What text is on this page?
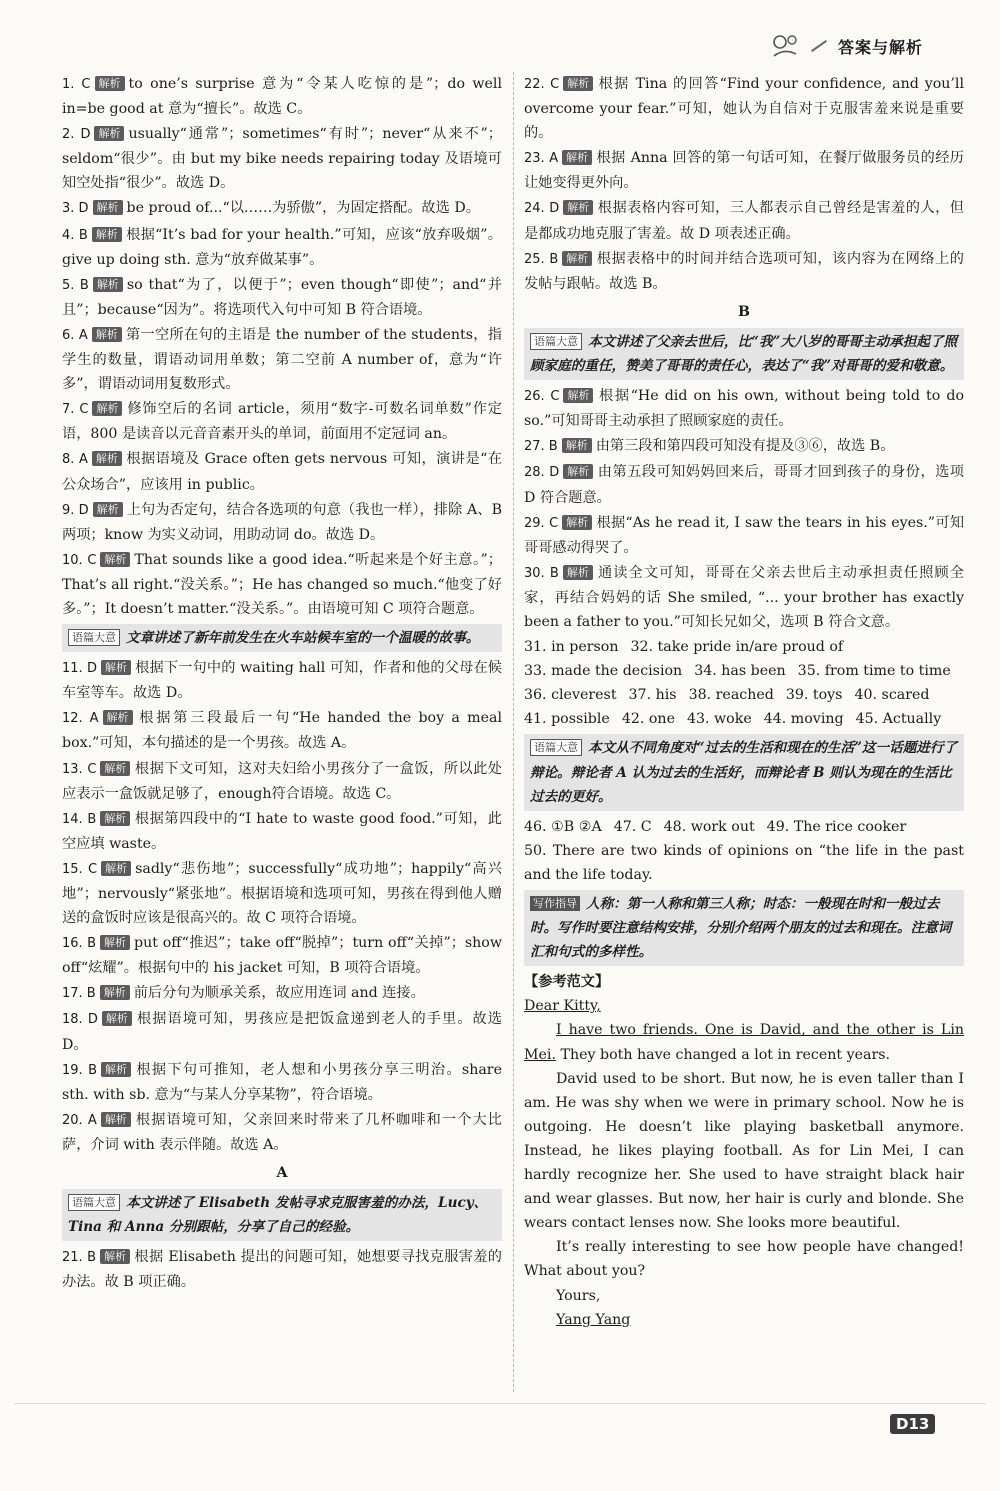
答案与解析
1. C 解析 to one’s surprise 意为“令某人吃惊的是”；do well in=be good at 意为“擅长”。故选 C。
2. D 解析 usually“通常”；sometimes“有时”；never“从来不”；seldom“很少”。由 but my bike needs repairing today 及语境可知空处指“很少”。故选 D。
3. D 解析 be proud of...“以……为骄傲”，为固定搭配。故选 D。
4. B 解析 根据“It’s bad for your health.”可知，应该“放弃吸烟”。give up doing sth. 意为“放弃做某事”。
5. B 解析 so that“为了，以便于”；even though“即使”；and“并且”；because“因为”。将选项代入句中可知 B 符合语境。
6. A 解析 第一空所在句的主语是 the number of the students，指学生的数量，谓语动词用单数；第二空前 A number of，意为“许多”，谓语动词用复数形式。
7. C 解析 修饰空后的名词 article，须用“数字-可数名词单数”作定语，800 是读音以元音音素开头的单词，前面用不定冠词 an。
8. A 解析 根据语境及 Grace often gets nervous 可知，演讲是“在公众场合”，应该用 in public。
9. D 解析 上句为否定句，结合各选项的句意（我也一样），排除 A、B 两项；know 为实义动词，用助动词 do。故选 D。
10. C 解析 That sounds like a good idea.“听起来是个好主意。”；That’s all right.“没关系。”；He has changed so much.“他变了好多。”；It doesn’t matter.“没关系。”。由语境可知 C 项符合题意。
语篇大意 文章讲述了新年前发生在火车站候车室的一个温暖的故事。
11. D 解析 根据下一句中的 waiting hall 可知，作者和他的父母在候车室等车。故选 D。
12. A 解析 根据第三段最后一句“He handed the boy a meal box.”可知，本句描述的是一个男孩。故选 A。
13. C 解析 根据下文可知，这对夫妇给小男孩分了一盒饭，所以此处应表示一盒饭就足够了，enough符合语境。故选 C。
14. B 解析 根据第四段中的“I hate to waste good food.”可知，此空应填 waste。
15. C 解析 sadly“悲伤地”；successfully“成功地”；happily“高兴地”；nervously“紧张地”。根据语境和选项可知，男孩在得到他人赠送的盒饭时应该是很高兴的。故 C 项符合语境。
16. B 解析 put off“推迟”；take off“脱掉”；turn off“关掉”；show off“炫耀”。根据句中的 his jacket 可知，B 项符合语境。
17. B 解析 前后分句为顺承关系，故应用连词 and 连接。
18. D 解析 根据语境可知，男孩应是把饭盒递到老人的手里。故选 D。
19. B 解析 根据下句可推知，老人想和小男孩分享三明治。share sth. with sb. 意为“与某人分享某物”，符合语境。
20. A 解析 根据语境可知，父亲回来时带来了几杯咖啡和一个大比萨，介词 with 表示伴随。故选 A。
A
语篇大意 本文讲述了 Elisabeth 发帖寻求克服害羞的办法，Lucy、Tina 和 Anna 分别跟帖，分享了自己的经验。
21. B 解析 根据 Elisabeth 提出的问题可知，她想要寻找克服害羞的办法。故 B 项正确。
22. C 解析 根据 Tina 的回答“Find your confidence, and you’ll overcome your fear.”可知，她认为自信对于克服害羞来说是重要的。
23. A 解析 根据 Anna 回答的第一句话可知，在餐厅做服务员的经历让她变得更外向。
24. D 解析 根据表格内容可知，三人都表示自己曾经是害羞的人，但是都成功地克服了害羞。故 D 项表述正确。
25. B 解析 根据表格中的时间并结合选项可知，该内容为在网络上的发帖与跟帖。故选 B。
B
语篇大意 本文讲述了父亲去世后，比“我”大八岁的哥哥主动承担起了照顾家庭的重任，赞美了哥哥的责任心，表达了“我”对哥哥的爱和敬意。
26. C 解析 根据“He did on his own, without being told to do so.”可知哥哥主动承担了照顾家庭的责任。
27. B 解析 由第三段和第四段可知没有提及③⑥，故选 B。
28. D 解析 由第五段可知妈妈回来后，哥哥才回到孩子的身份，选项 D 符合题意。
29. C 解析 根据“As he read it, I saw the tears in his eyes.”可知哥哥感动得哭了。
30. B 解析 通读全文可知，哥哥在父亲去世后主动承担责任照顾全家，再结合妈妈的话 She smiled, “... your brother has exactly been a father to you.”可知长兄如父，选项 B 符合文意。
31. in person 32. take pride in/are proud of
33. made the decision 34. has been 35. from time to time
36. cleverest 37. his 38. reached 39. toys 40. scared
41. possible 42. one 43. woke 44. moving 45. Actually
语篇大意 本文从不同角度对“过去的生活和现在的生活”这一话题进行了辩论。辩论者 A 认为过去的生活好，而辩论者 B 则认为现在的生活比过去的更好。
46. ①B ②A 47. C 48. work out 49. The rice cooker
50. There are two kinds of opinions on “the life in the past and the life today.
写作指导 人称：第一人称和第三人称；时态：一般现在时和一般过去时。写作时要注意结构安排，分别介绍两个朋友的过去和现在。注意词汇和句式的多样性。

【参考范文】

Dear Kitty,

I have two friends. One is David, and the other is Lin Mei. They both have changed a lot in recent years.

David used to be short. But now, he is even taller than I am. He was shy when we were in primary school. Now he is outgoing. He doesn’t like playing basketball anymore. Instead, he likes playing football. As for Lin Mei, I can hardly recognize her. She used to have straight black hair and wear glasses. But now, her hair is curly and blonde. She wears contact lenses now. She looks more beautiful.

It’s really interesting to see how people have changed! What about you?

Yours,

Yang Yang

D13
